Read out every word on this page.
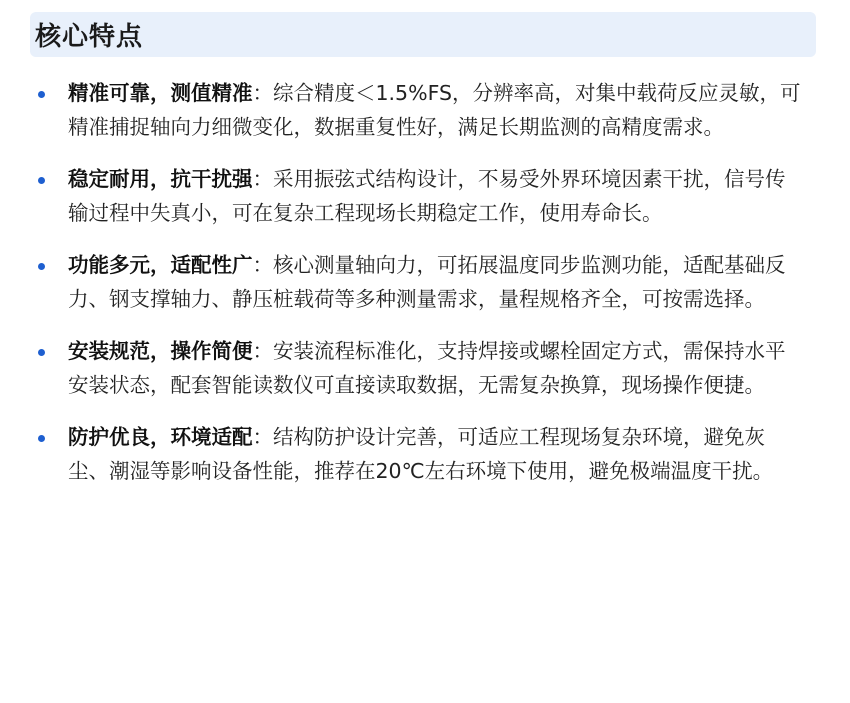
核心特点
精准可靠，测值精准：综合精度＜1.5%FS，分辨率高，对集中载荷反应灵敏，可精准捕捉轴向力细微变化，数据重复性好，满足长期监测的高精度需求。
稳定耐用，抗干扰强：采用振弦式结构设计，不易受外界环境因素干扰，信号传输过程中失真小，可在复杂工程现场长期稳定工作，使用寿命长。
功能多元，适配性广：核心测量轴向力，可拓展温度同步监测功能，适配基础反力、钢支撑轴力、静压桩载荷等多种测量需求，量程规格齐全，可按需选择。
安装规范，操作简便：安装流程标准化，支持焊接或螺栓固定方式，需保持水平安装状态，配套智能读数仪可直接读取数据，无需复杂换算，现场操作便捷。
防护优良，环境适配：结构防护设计完善，可适应工程现场复杂环境，避免灰尘、潮湿等影响设备性能，推荐在20℃左右环境下使用，避免极端温度干扰。
